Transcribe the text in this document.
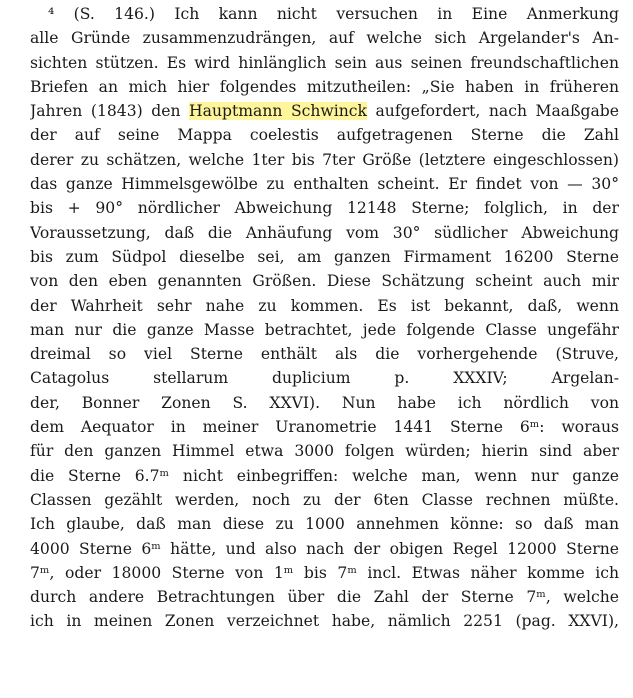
⁴ (S. 146.) Ich kann nicht versuchen in Eine Anmerkung
alle Gründe zusammenzudrängen, auf welche sich Argelander's An-
sichten stützen. Es wird hinlänglich sein aus seinen freundschaftlichen
Briefen an mich hier folgendes mitzutheilen: „Sie haben in früheren
Jahren (1843) den Hauptmann Schwinck aufgefordert, nach Maaßgabe
der auf seine Mappa coelestis aufgetragenen Sterne die Zahl
derer zu schätzen, welche 1ter bis 7ter Größe (letztere eingeschlossen)
das ganze Himmelsgewölbe zu enthalten scheint. Er findet von — 30°
bis + 90° nördlicher Abweichung 12148 Sterne; folglich, in der
Voraussetzung, daß die Anhäufung vom 30° südlicher Abweichung
bis zum Südpol dieselbe sei, am ganzen Firmament 16200 Sterne
von den eben genannten Größen. Diese Schätzung scheint auch mir
der Wahrheit sehr nahe zu kommen. Es ist bekannt, daß, wenn
man nur die ganze Masse betrachtet, jede folgende Classe ungefähr
dreimal so viel Sterne enthält als die vorhergehende (Struve,
Catagolus stellarum duplicium p. XXXIV; Argelan-
der, Bonner Zonen S. XXVI). Nun habe ich nördlich von
dem Aequator in meiner Uranometrie 1441 Sterne 6ᵐ: woraus
für den ganzen Himmel etwa 3000 folgen würden; hierin sind aber
die Sterne 6.7ᵐ nicht einbegriffen: welche man, wenn nur ganze
Classen gezählt werden, noch zu der 6ten Classe rechnen müßte.
Ich glaube, daß man diese zu 1000 annehmen könne: so daß man
4000 Sterne 6ᵐ hätte, und also nach der obigen Regel 12000 Sterne
7ᵐ, oder 18000 Sterne von 1ᵐ bis 7ᵐ incl. Etwas näher komme ich
durch andere Betrachtungen über die Zahl der Sterne 7ᵐ, welche
ich in meinen Zonen verzeichnet habe, nämlich 2251 (pag. XXVI),
